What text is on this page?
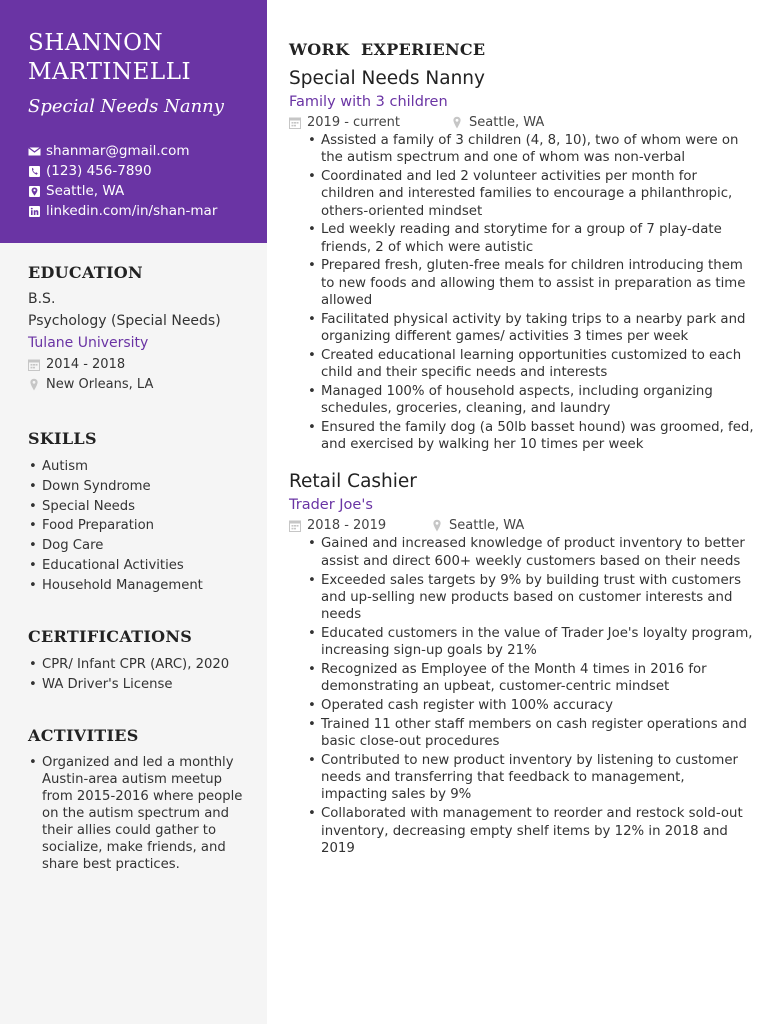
SHANNON
MARTINELLI
Special Needs Nanny
shanmar@gmail.com
(123) 456-7890
Seattle, WA
linkedin.com/in/shan-mar
EDUCATION
B.S.
Psychology (Special Needs)
Tulane University
2014 - 2018
New Orleans, LA
SKILLS
• Autism
• Down Syndrome
• Special Needs
• Food Preparation
• Dog Care
• Educational Activities
• Household Management
CERTIFICATIONS
• CPR/ Infant CPR (ARC), 2020
• WA Driver's License
ACTIVITIES
• Organized and led a monthly Austin-area autism meetup from 2015-2016 where people on the autism spectrum and their allies could gather to socialize, make friends, and share best practices.
WORK  EXPERIENCE
Special Needs Nanny
Family with 3 children
2019 - current	Seattle, WA
• Assisted a family of 3 children (4, 8, 10), two of whom were on the autism spectrum and one of whom was non-verbal
• Coordinated and led 2 volunteer activities per month for children and interested families to encourage a philanthropic, others-oriented mindset
• Led weekly reading and storytime for a group of 7 play-date friends, 2 of which were autistic
• Prepared fresh, gluten-free meals for children introducing them to new foods and allowing them to assist in preparation as time allowed
• Facilitated physical activity by taking trips to a nearby park and organizing different games/ activities 3 times per week
• Created educational learning opportunities customized to each child and their specific needs and interests
• Managed 100% of household aspects, including organizing schedules, groceries, cleaning, and laundry
• Ensured the family dog (a 50lb basset hound) was groomed, fed, and exercised by walking her 10 times per week
Retail Cashier
Trader Joe's
2018 - 2019	Seattle, WA
• Gained and increased knowledge of product inventory to better assist and direct 600+ weekly customers based on their needs
• Exceeded sales targets by 9% by building trust with customers and up-selling new products based on customer interests and needs
• Educated customers in the value of Trader Joe's loyalty program, increasing sign-up goals by 21%
• Recognized as Employee of the Month 4 times in 2016 for demonstrating an upbeat, customer-centric mindset
• Operated cash register with 100% accuracy
• Trained 11 other staff members on cash register operations and basic close-out procedures
• Contributed to new product inventory by listening to customer needs and transferring that feedback to management, impacting sales by 9%
• Collaborated with management to reorder and restock sold-out inventory, decreasing empty shelf items by 12% in 2018 and 2019
